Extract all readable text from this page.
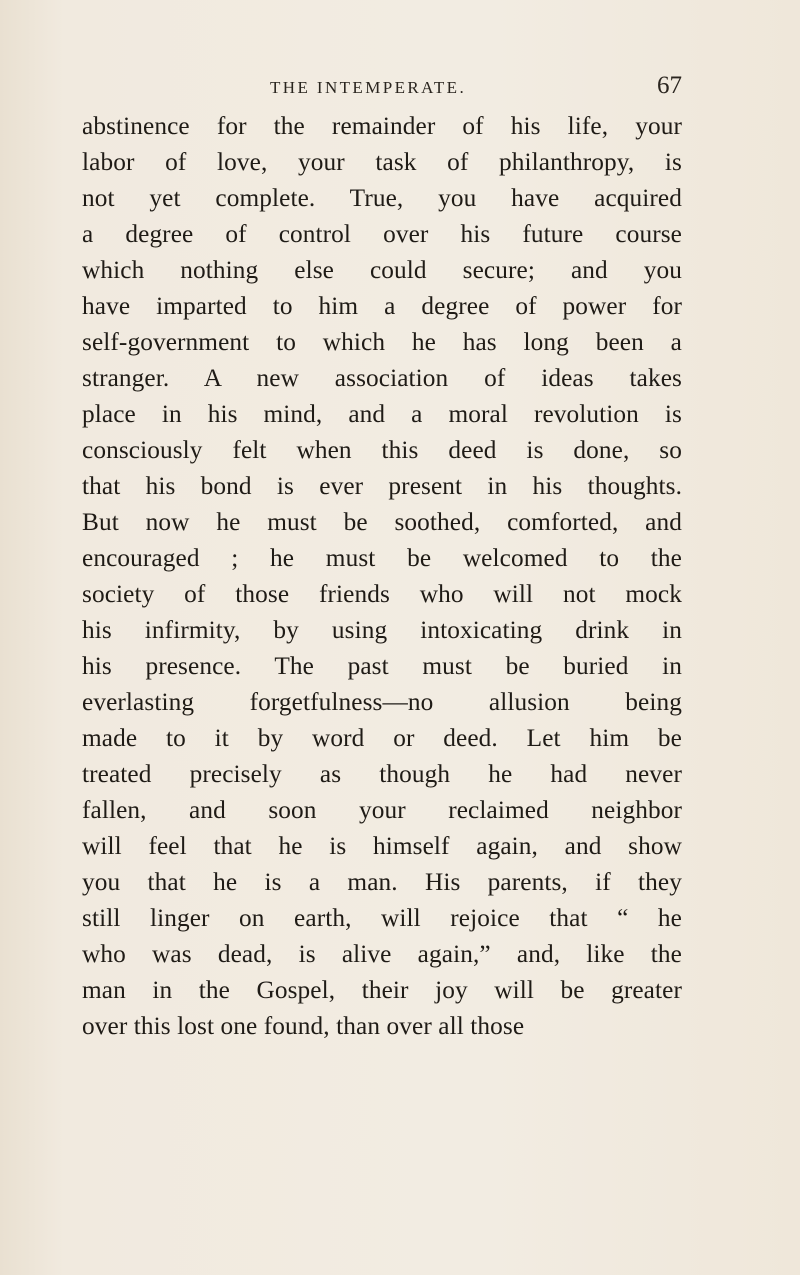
THE INTEMPERATE.	67
abstinence for the remainder of his life, your
labor of love, your task of philanthropy, is
not yet complete. True, you have acquired
a degree of control over his future course
which nothing else could secure; and you
have imparted to him a degree of power for
self-government to which he has long been a
stranger. A new association of ideas takes
place in his mind, and a moral revolution is
consciously felt when this deed is done, so
that his bond is ever present in his thoughts.
But now he must be soothed, comforted, and
encouraged ; he must be welcomed to the
society of those friends who will not mock
his infirmity, by using intoxicating drink in
his presence. The past must be buried in
everlasting forgetfulness—no allusion being
made to it by word or deed. Let him be
treated precisely as though he had never
fallen, and soon your reclaimed neighbor
will feel that he is himself again, and show
you that he is a man. His parents, if they
still linger on earth, will rejoice that “ he
who was dead, is alive again,” and, like the
man in the Gospel, their joy will be greater
over this lost one found, than over all those
